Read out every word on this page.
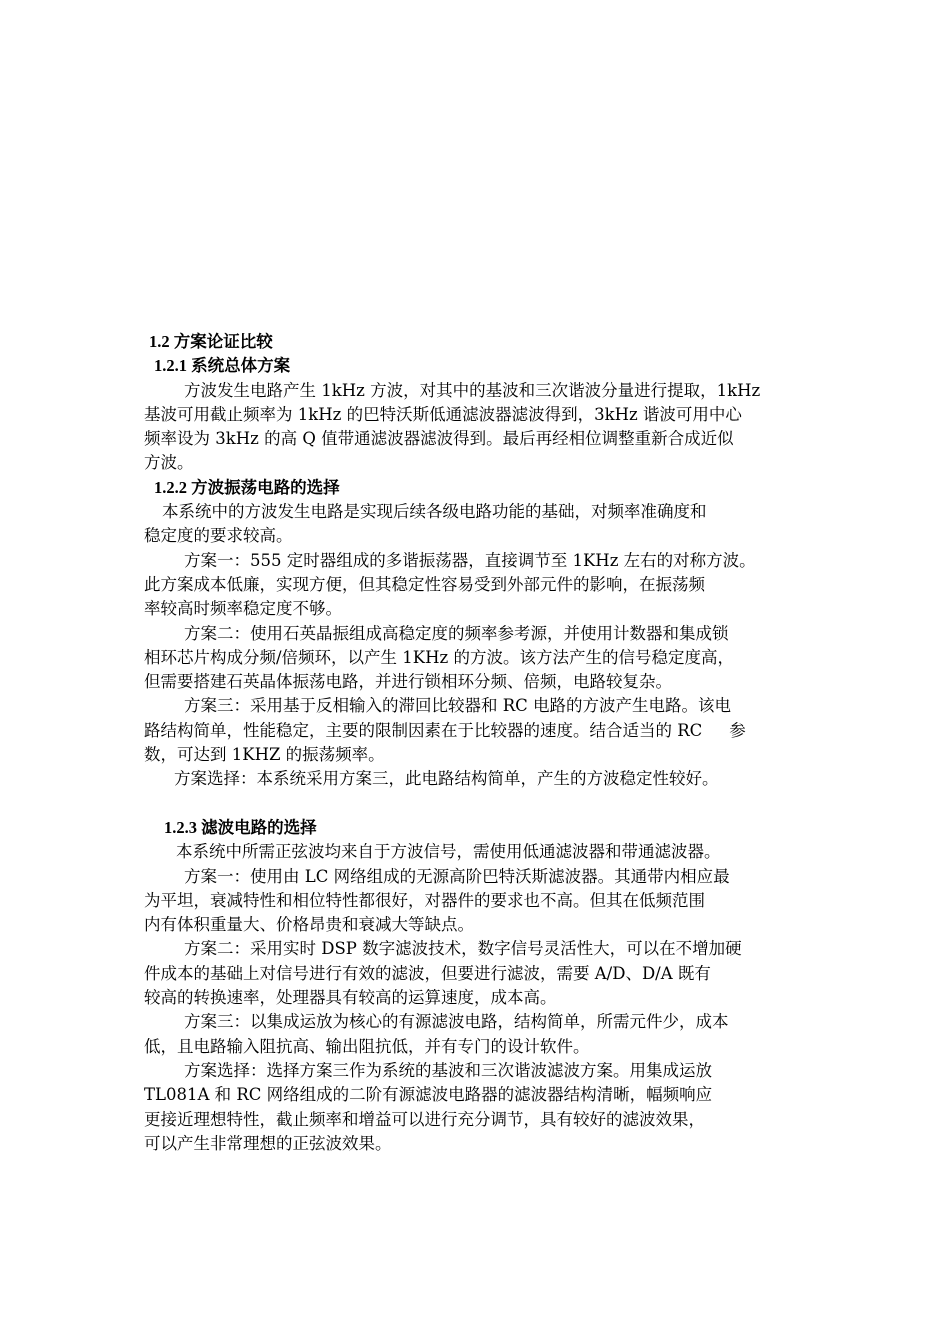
1.2 方案论证比较
1.2.1 系统总体方案
方波发生电路产生 1kHz 方波，对其中的基波和三次谐波分量进行提取，1kHz
基波可用截止频率为 1kHz 的巴特沃斯低通滤波器滤波得到，3kHz 谐波可用中心
频率设为 3kHz 的高 Q 值带通滤波器滤波得到。最后再经相位调整重新合成近似
方波。
1.2.2 方波振荡电路的选择
本系统中的方波发生电路是实现后续各级电路功能的基础，对频率准确度和
稳定度的要求较高。
方案一：555 定时器组成的多谐振荡器，直接调节至 1KHz 左右的对称方波。
此方案成本低廉，实现方便，但其稳定性容易受到外部元件的影响，在振荡频
率较高时频率稳定度不够。
方案二：使用石英晶振组成高稳定度的频率参考源，并使用计数器和集成锁
相环芯片构成分频/倍频环，以产生 1KHz 的方波。该方法产生的信号稳定度高，
但需要搭建石英晶体振荡电路，并进行锁相环分频、倍频，电路较复杂。
方案三：采用基于反相输入的滞回比较器和 RC 电路的方波产生电路。该电
路结构简单，性能稳定，主要的限制因素在于比较器的速度。结合适当的 RC 　 参
数，可达到 1KHZ 的振荡频率。
方案选择：本系统采用方案三，此电路结构简单，产生的方波稳定性较好。
1.2.3 滤波电路的选择
本系统中所需正弦波均来自于方波信号，需使用低通滤波器和带通滤波器。
方案一：使用由 LC 网络组成的无源高阶巴特沃斯滤波器。其通带内相应最
为平坦，衰减特性和相位特性都很好，对器件的要求也不高。但其在低频范围
内有体积重量大、价格昂贵和衰减大等缺点。
方案二：采用实时 DSP 数字滤波技术，数字信号灵活性大，可以在不增加硬
件成本的基础上对信号进行有效的滤波，但要进行滤波，需要 A/D、D/A 既有
较高的转换速率，处理器具有较高的运算速度，成本高。
方案三：以集成运放为核心的有源滤波电路，结构简单，所需元件少，成本
低，且电路输入阻抗高、输出阻抗低，并有专门的设计软件。
方案选择：选择方案三作为系统的基波和三次谐波滤波方案。用集成运放
TL081A 和 RC 网络组成的二阶有源滤波电路器的滤波器结构清晰，幅频响应
更接近理想特性，截止频率和增益可以进行充分调节，具有较好的滤波效果，
可以产生非常理想的正弦波效果。
